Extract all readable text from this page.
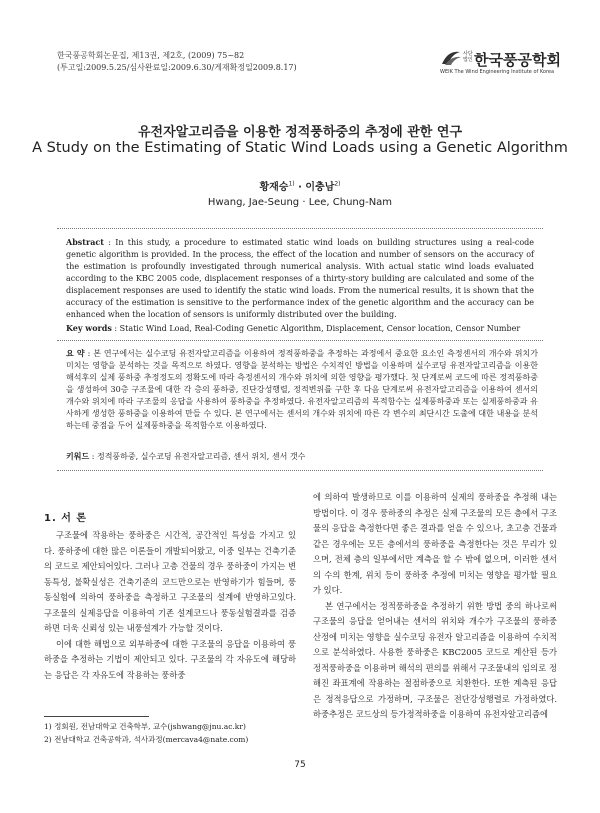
한국풍공학회논문집, 제13권, 제2호, (2009) 75~82
(투고일:2009.5.25/심사완료일:2009.6.30/게재확정일2009.8.17)
사단 법인 한국풍공학회
WEIK The Wind Engineering Institute of Korea
유전자알고리즘을 이용한 정적풍하중의 추정에 관한 연구
A Study on the Estimating of Static Wind Loads using a Genetic Algorithm
황재승$^{1)}$ · 이충남$^{2)}$
Hwang, Jae-Seung · Lee, Chung-Nam
Abstract : In this study, a procedure to estimated static wind loads on building structures using a real-code genetic algorithm is provided. In the process, the effect of the location and number of sensors on the accuracy of the estimation is profoundly investigated through numerical analysis. With actual static wind loads evaluated according to the KBC 2005 code, displacement responses of a thirty-story building are calculated and some of the displacement responses are used to identify the static wind loads. From the numerical results, it is shown that the accuracy of the estimation is sensitive to the performance index of the genetic algorithm and the accuracy can be enhanced when the location of sensors is uniformly distributed over the building.
Key words : Static Wind Load, Real-Coding Genetic Algorithm, Displacement, Censor location, Censor Number
요 약 : 본 연구에서는 실수코딩 유전자알고리즘을 이용하여 정적풍하중을 추정하는 과정에서 중요한 요소인 측정센서의 개수와 위치가 미치는 영향을 분석하는 것을 목적으로 하였다. 영향을 분석하는 방법은 수치적인 방법을 이용하며 실수코딩 유전자알고리즘을 이용한 해석후의 실제 풍하중 추정정도의 정확도에 따라 측정센서의 개수와 위치에 의한 영향을 평가했다. 첫 단계로써 코드에 따른 정적풍하중을 생성하여 30층 구조물에 대한 각 층의 풍하중, 진단강성행렬, 정적변위를 구한 후 다음 단계로써 유전자알고리즘을 이용하여 센서의 개수와 위치에 따라 구조물의 응답을 사용하여 풍하중을 추정하였다. 유전자알고리즘의 목적함수는 실제풍하중과 또는 실제풍하중과 유사하게 생성한 풍하중을 이용하여 만들 수 있다. 본 연구에서는 센서의 개수와 위치에 따른 각 변수의 최단시간 도출에 대한 내용을 분석하는데 중점을 두어 실제풍하중을 목적함수로 이용하였다.
키워드 : 정적풍하중, 실수코딩 유전자알고리즘, 센서 위치, 센서 갯수
1. 서 론

구조물에 작용하는 풍하중은 시간적, 공간적인 특성을 가지고 있다. 풍하중에 대한 많은 이론들이 개발되어왔고, 이중 일부는 건축기준의 코드로 제안되어있다. 그러나 고층 건물의 경우 풍하중이 가지는 변동특성, 불확실성은 건축기준의 코드만으로는 반영하기가 힘들며, 풍동실험에 의하여 풍하중을 측정하고 구조물의 설계에 반영하고있다. 구조물의 실제응답을 이용하여 기존 설계코드나 풍동실험결과를 검증하면 더욱 신뢰성 있는 내풍설계가 가능할 것이다.

이에 대한 해법으로 외부하중에 대한 구조물의 응답을 이용하여 풍하중을 추정하는 기법이 제안되고 있다. 구조물의 각 자유도에 해당하는 응답은 각 자유도에 작용하는 풍하중

에 의하여 발생하므로 이를 이용하여 실제의 풍하중을 추정해 내는 방법이다. 이 경우 풍하중의 추정은 실제 구조물의 모든 층에서 구조물의 응답을 측정한다면 좋은 결과를 얻을 수 있으나, 초고층 건물과 같은 경우에는 모든 층에서의 풍하중을 측정한다는 것은 무리가 있으며, 전체 층의 일부에서만 계측을 할 수 밖에 없으며, 이러한 센서의 수의 한계, 위치 등이 풍하중 추정에 미치는 영향을 평가할 필요가 있다.

본 연구에서는 정적풍하중을 추정하기 위한 방법 중의 하나로써 구조물의 응답을 얻어내는 센서의 위치와 개수가 구조물의 풍하중 산정에 미치는 영향을 실수코딩 유전자 알고리즘을 이용하여 수치적으로 분석하였다. 사용한 풍하중은 KBC2005 코드로 계산된 등가정적풍하중을 이용하며 해석의 편의를 위해서 구조물내의 임의로 정해진 좌표계에 작용하는 절점하중으로 치환한다. 또한 계측된 응답은 정적응답으로 가정하며, 구조물은 전단강성행렬로 가정하였다. 하중추정은 코드상의 등가정적하중을 이용하여 유전자알고리즘에

1) 정회원, 전남대학교 건축학부, 교수(jshwang@jnu.ac.kr)
2) 전남대학교 건축공학과, 석사과정(mercava4@nate.com)
75
